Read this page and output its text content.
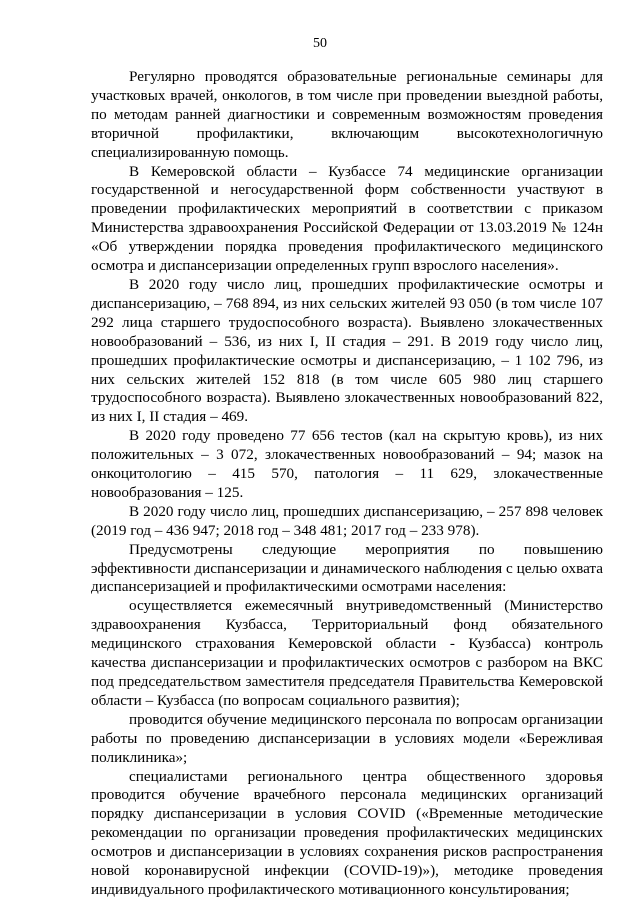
50

Регулярно проводятся образовательные региональные семинары для участковых врачей, онкологов, в том числе при проведении выездной работы, по методам ранней диагностики и современным возможностям проведения вторичной профилактики, включающим высокотехнологичную специализированную помощь.

В Кемеровской области – Кузбассе 74 медицинские организации государственной и негосударственной форм собственности участвуют в проведении профилактических мероприятий в соответствии с приказом Министерства здравоохранения Российской Федерации от 13.03.2019 № 124н «Об утверждении порядка проведения профилактического медицинского осмотра и диспансеризации определенных групп взрослого населения».

В 2020 году число лиц, прошедших профилактические осмотры и диспансеризацию, – 768 894, из них сельских жителей 93 050 (в том числе 107 292 лица старшего трудоспособного возраста). Выявлено злокачественных новообразований – 536, из них I, II стадия – 291. В 2019 году число лиц, прошедших профилактические осмотры и диспансеризацию, – 1 102 796, из них сельских жителей 152 818 (в том числе 605 980 лиц старшего трудоспособного возраста). Выявлено злокачественных новообразований 822, из них I, II стадия – 469.

В 2020 году проведено 77 656 тестов (кал на скрытую кровь), из них положительных – 3 072, злокачественных новообразований – 94; мазок на онкоцитологию – 415 570, патология – 11 629, злокачественные новообразования – 125.

В 2020 году число лиц, прошедших диспансеризацию, – 257 898 человек (2019 год – 436 947; 2018 год – 348 481; 2017 год – 233 978).

Предусмотрены следующие мероприятия по повышению эффективности диспансеризации и динамического наблюдения с целью охвата диспансеризацией и профилактическими осмотрами населения:

осуществляется ежемесячный внутриведомственный (Министерство здравоохранения Кузбасса, Территориальный фонд обязательного медицинского страхования Кемеровской области - Кузбасса) контроль качества диспансеризации и профилактических осмотров с разбором на ВКС под председательством заместителя председателя Правительства Кемеровской области – Кузбасса (по вопросам социального развития);

проводится обучение медицинского персонала по вопросам организации работы по проведению диспансеризации в условиях модели «Бережливая поликлиника»;

специалистами регионального центра общественного здоровья проводится обучение врачебного персонала медицинских организаций порядку диспансеризации в условия COVID («Временные методические рекомендации по организации проведения профилактических медицинских осмотров и диспансеризации в условиях сохранения рисков распространения новой коронавирусной инфекции (COVID-19)»), методике проведения индивидуального профилактического мотивационного консультирования;
